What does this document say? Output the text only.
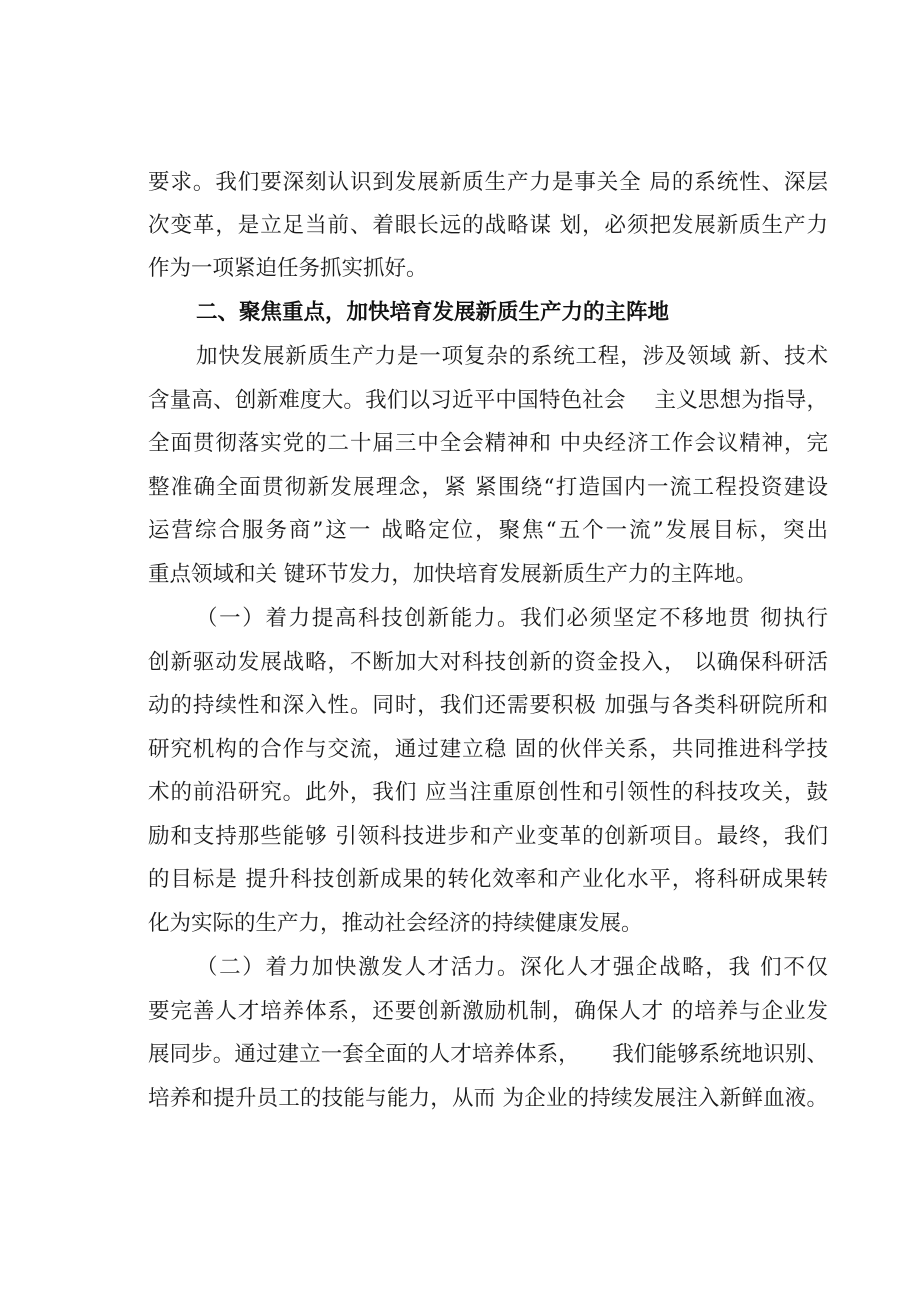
要求。我们要深刻认识到发展新质生产力是事关全 局的系统性、深层
次变革，是立足当前、着眼长远的战略谋 划，必须把发展新质生产力
作为一项紧迫任务抓实抓好。
二、聚焦重点，加快培育发展新质生产力的主阵地
加快发展新质生产力是一项复杂的系统工程，涉及领域 新、技术
含量高、创新难度大。我们以习近平中国特色社会　 主义思想为指导，
全面贯彻落实党的二十届三中全会精神和 中央经济工作会议精神，完
整准确全面贯彻新发展理念，紧 紧围绕“打造国内一流工程投资建设
运营综合服务商”这一 战略定位，聚焦“五个一流”发展目标，突出
重点领域和关 键环节发力，加快培育发展新质生产力的主阵地。
（一）着力提高科技创新能力。我们必须坚定不移地贯 彻执行
创新驱动发展战略，不断加大对科技创新的资金投入， 以确保科研活
动的持续性和深入性。同时，我们还需要积极 加强与各类科研院所和
研究机构的合作与交流，通过建立稳 固的伙伴关系，共同推进科学技
术的前沿研究。此外，我们 应当注重原创性和引领性的科技攻关，鼓
励和支持那些能够 引领科技进步和产业变革的创新项目。最终，我们
的目标是 提升科技创新成果的转化效率和产业化水平，将科研成果转
化为实际的生产力，推动社会经济的持续健康发展。
（二）着力加快激发人才活力。深化人才强企战略，我 们不仅
要完善人才培养体系，还要创新激励机制，确保人才 的培养与企业发
展同步。通过建立一套全面的人才培养体系，　　我们能够系统地识别、
培养和提升员工的技能与能力，从而 为企业的持续发展注入新鲜血液。
